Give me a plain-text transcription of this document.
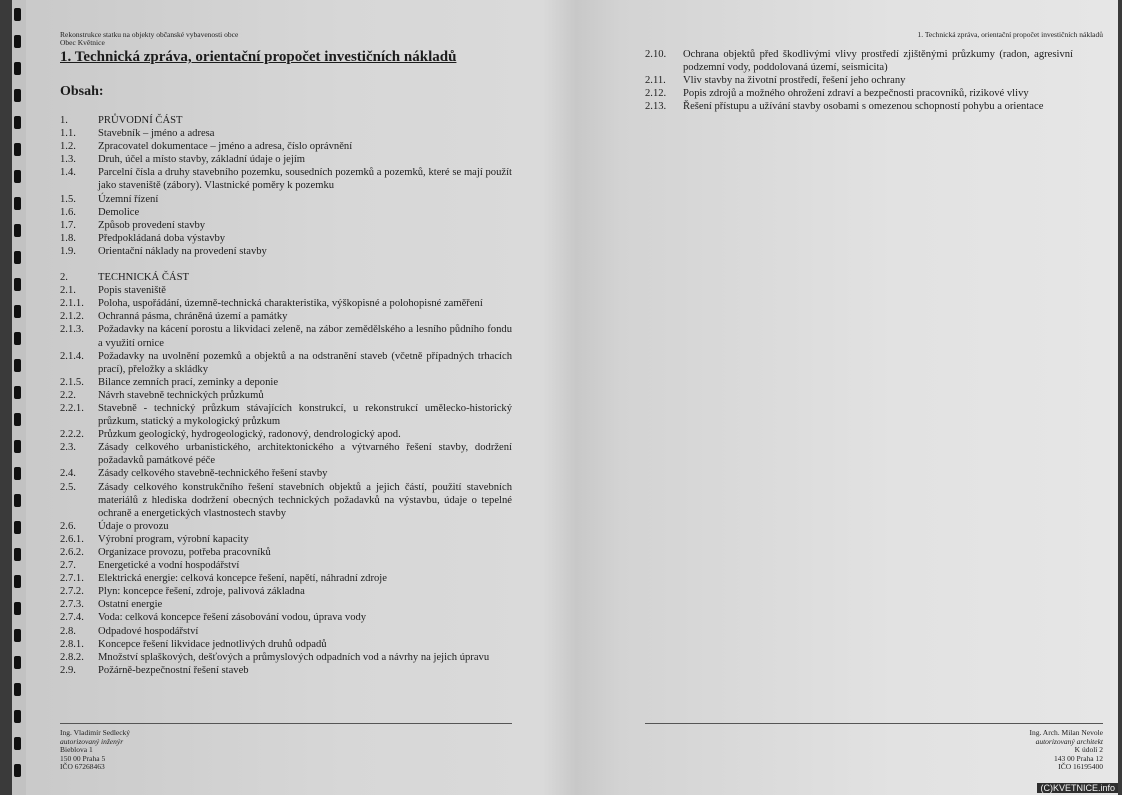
Rekonstrukce statku na objekty občanské vybavenosti obce
Obec Květnice
1. Technická zpráva, orientační propočet investičních nákladů
Obsah:
1.	PRŮVODNÍ ČÁST
1.1.	Stavebník – jméno a adresa
1.2.	Zpracovatel dokumentace – jméno a adresa, číslo oprávnění
1.3.	Druh, účel a místo stavby, základní údaje o jejím
1.4.	Parcelní čísla a druhy stavebního pozemku, sousedních pozemků a pozemků, které se mají použít jako staveniště (zábory). Vlastnické poměry k pozemku
1.5.	Územní řízení
1.6.	Demolice
1.7.	Způsob provedení stavby
1.8.	Předpokládaná doba výstavby
1.9.	Orientační náklady na provedení stavby
2.	TECHNICKÁ ČÁST
2.1.	Popis staveniště
2.1.1.	Poloha, uspořádání, územně-technická charakteristika, výškopisné a polohopisné zaměření
2.1.2.	Ochranná pásma, chráněná území a památky
2.1.3.	Požadavky na kácení porostu a likvidaci zeleně, na zábor zemědělského a lesního půdního fondu a využití ornice
2.1.4.	Požadavky na uvolnění pozemků a objektů a na odstranění staveb (včetně případných trhacích prací), přeložky a skládky
2.1.5.	Bilance zemních prací, zeminky a deponie
2.2.	Návrh stavebně technických průzkumů
2.2.1.	Stavebně - technický průzkum stávajících konstrukcí, u rekonstrukcí umělecko-historický průzkum, statický a mykologický průzkum
2.2.2.	Průzkum geologický, hydrogeologický, radonový, dendrologický apod.
2.3.	Zásady celkového urbanistického, architektonického a výtvarného řešení stavby, dodržení požadavků památkové péče
2.4.	Zásady celkového stavebně-technického řešení stavby
2.5.	Zásady celkového konstrukčního řešení stavebních objektů a jejich částí, použití stavebních materiálů z hlediska dodržení obecných technických požadavků na výstavbu, údaje o tepelné ochraně a energetických vlastnostech stavby
2.6.	Údaje o provozu
2.6.1.	Výrobní program, výrobní kapacity
2.6.2.	Organizace provozu, potřeba pracovníků
2.7.	Energetické a vodní hospodářství
2.7.1.	Elektrická energie: celková koncepce řešení, napětí, náhradní zdroje
2.7.2.	Plyn: koncepce řešení, zdroje, palivová základna
2.7.3.	Ostatní energie
2.7.4.	Voda: celková koncepce řešení zásobování vodou, úprava vody
2.8.	Odpadové hospodářství
2.8.1.	Koncepce řešení likvidace jednotlivých druhů odpadů
2.8.2.	Množství splaškových, dešťových a průmyslových odpadních vod a návrhy na jejich úpravu
2.9.	Požárně-bezpečnostní řešení staveb
Ing. Vladimír Sedlecký
autorizovaný inženýr
Bieblova 1
150 00 Praha 5
IČO 67268463
1. Technická zpráva, orientační propočet investičních nákladů
2.10.	Ochrana objektů před škodlivými vlivy prostředí zjištěnými průzkumy (radon, agresivní podzemní vody, poddolovaná území, seismicita)
2.11.	Vliv stavby na životní prostředí, řešení jeho ochrany
2.12.	Popis zdrojů a možného ohrožení zdraví a bezpečnosti pracovníků, rizikové vlivy
2.13.	Řešení přístupu a užívání stavby osobami s omezenou schopností pohybu a orientace
Ing. Arch. Milan Nevole
autorizovaný architekt
K údolí 2
143 00 Praha 12
IČO 16195400
(C)KVETNICE.info
